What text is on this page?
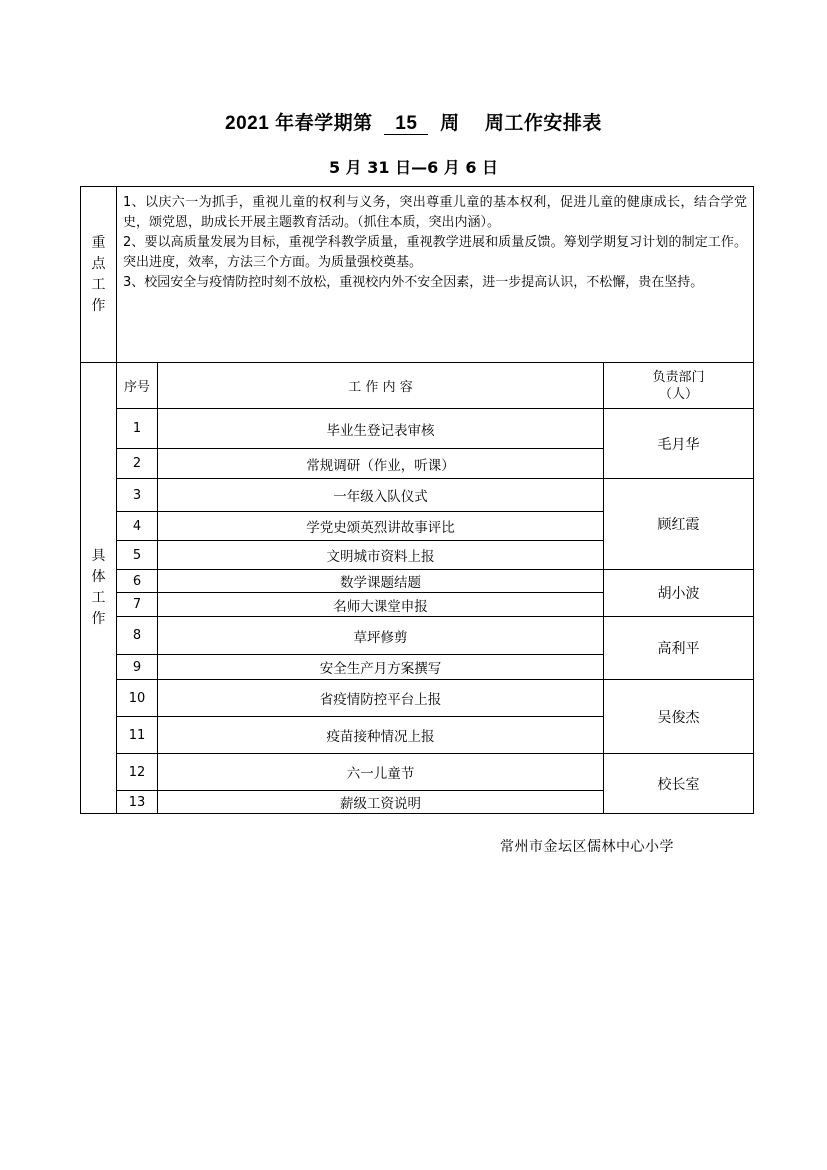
2021 年春学期第 15 周　 周工作安排表
5 月 31 日—6 月 6 日
重
点
工
作	1、以庆六一为抓手，重视儿童的权利与义务，突出尊重儿童的基本权利，促进儿童的健康成长，结合学党史，颂党恩，助成长开展主题教育活动。（抓住本质，突出内涵）。
2、要以高质量发展为目标，重视学科教学质量，重视教学进展和质量反馈。筹划学期复习计划的制定工作。突出进度，效率，方法三个方面。为质量强校奠基。
3、校园安全与疫情防控时刻不放松，重视校内外不安全因素，进一步提高认识，不松懈，贵在坚持。		

具
体
工
作	序号	工 作 内 容	负责部门
（人）
	1	毕业生登记表审核	毛月华
	2	常规调研（作业，听课）	
	3	一年级入队仪式	顾红霞
	4	学党史颂英烈讲故事评比	
	5	文明城市资料上报	
	6	数学课题结题	胡小波
	7	名师大课堂申报	
	8	草坪修剪	高利平
	9	安全生产月方案撰写	
	10	省疫情防控平台上报	吴俊杰
	11	疫苗接种情况上报	
	12	六一儿童节	校长室
	13	薪级工资说明	
常州市金坛区儒林中心小学
